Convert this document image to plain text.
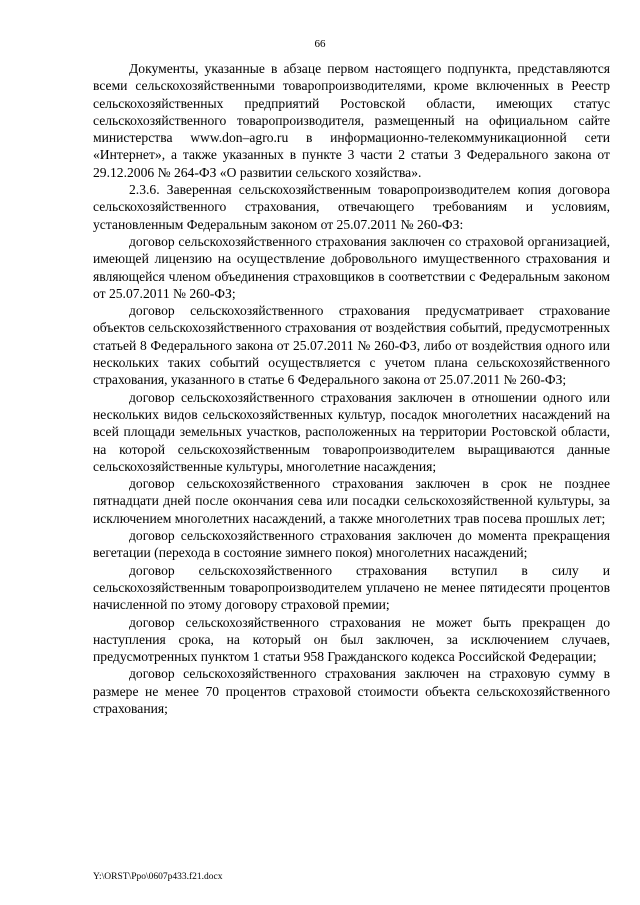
66

Документы, указанные в абзаце первом настоящего подпункта, представляются всеми сельскохозяйственными товаропроизводителями, кроме включенных в Реестр сельскохозяйственных предприятий Ростовской области, имеющих статус сельскохозяйственного товаропроизводителя, размещенный на официальном сайте министерства www.don–agro.ru в информационно-телекоммуникационной сети «Интернет», а также указанных в пункте 3 части 2 статьи 3 Федерального закона от 29.12.2006 № 264-ФЗ «О развитии сельского хозяйства».

2.3.6. Заверенная сельскохозяйственным товаропроизводителем копия договора сельскохозяйственного страхования, отвечающего требованиям и условиям, установленным Федеральным законом от 25.07.2011 № 260-ФЗ:

договор сельскохозяйственного страхования заключен со страховой организацией, имеющей лицензию на осуществление добровольного имущественного страхования и являющейся членом объединения страховщиков в соответствии с Федеральным законом от 25.07.2011 № 260-ФЗ;

договор сельскохозяйственного страхования предусматривает страхование объектов сельскохозяйственного страхования от воздействия событий, предусмотренных статьей 8 Федерального закона от 25.07.2011 № 260-ФЗ, либо от воздействия одного или нескольких таких событий осуществляется с учетом плана сельскохозяйственного страхования, указанного в статье 6 Федерального закона от 25.07.2011 № 260-ФЗ;

договор сельскохозяйственного страхования заключен в отношении одного или нескольких видов сельскохозяйственных культур, посадок многолетних насаждений на всей площади земельных участков, расположенных на территории Ростовской области, на которой сельскохозяйственным товаропроизводителем выращиваются данные сельскохозяйственные культуры, многолетние насаждения;

договор сельскохозяйственного страхования заключен в срок не позднее пятнадцати дней после окончания сева или посадки сельскохозяйственной культуры, за исключением многолетних насаждений, а также многолетних трав посева прошлых лет;

договор сельскохозяйственного страхования заключен до момента прекращения вегетации (перехода в состояние зимнего покоя) многолетних насаждений;

договор сельскохозяйственного страхования вступил в силу и сельскохозяйственным товаропроизводителем уплачено не менее пятидесяти процентов начисленной по этому договору страховой премии;

договор сельскохозяйственного страхования не может быть прекращен до наступления срока, на который он был заключен, за исключением случаев, предусмотренных пунктом 1 статьи 958 Гражданского кодекса Российской Федерации;

договор сельскохозяйственного страхования заключен на страховую сумму в размере не менее 70 процентов страховой стоимости объекта сельскохозяйственного страхования;

Y:\ORST\Ppo\0607p433.f21.docx
